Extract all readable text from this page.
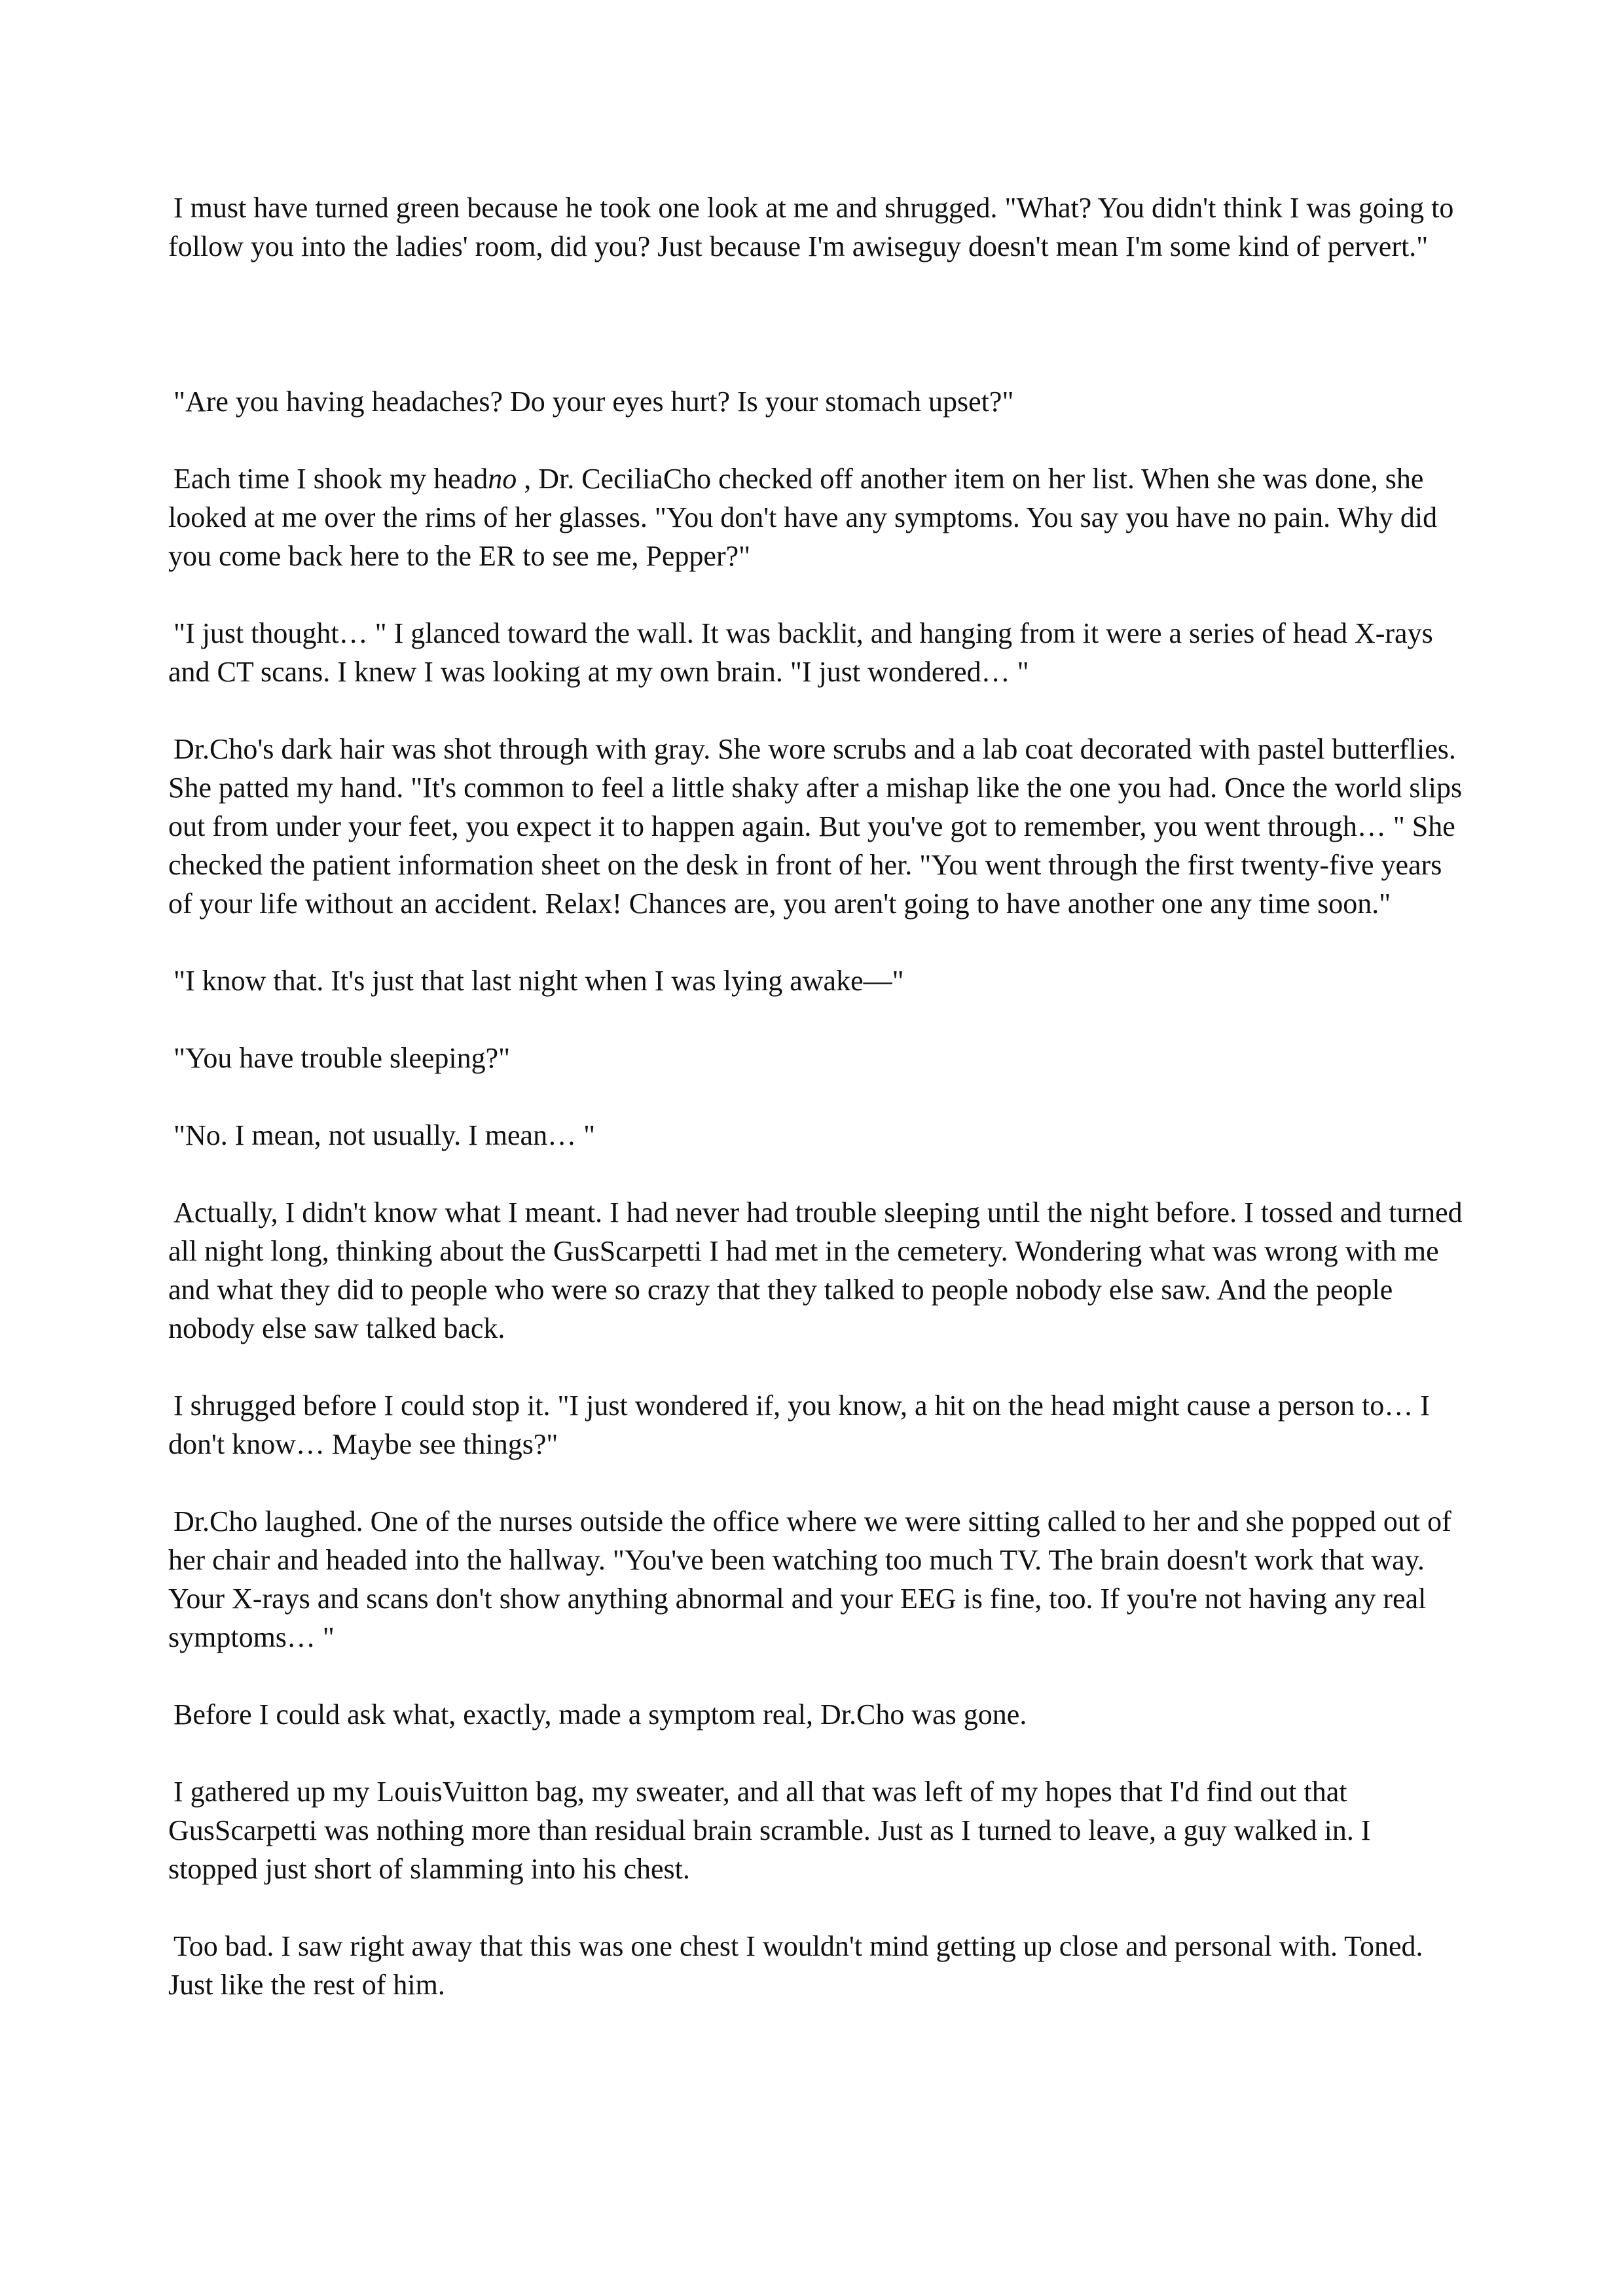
I must have turned green because he took one look at me and shrugged. "What? You didn't think I was going to follow you into the ladies' room, did you? Just because I'm awiseguy doesn't mean I'm some kind of pervert."

"Are you having headaches? Do your eyes hurt? Is your stomach upset?"

Each time I shook my headno , Dr. CeciliaCho checked off another item on her list. When she was done, she looked at me over the rims of her glasses. "You don't have any symptoms. You say you have no pain. Why did you come back here to the ER to see me, Pepper?"

"I just thought… " I glanced toward the wall. It was backlit, and hanging from it were a series of head X-rays and CT scans. I knew I was looking at my own brain. "I just wondered… "

Dr.Cho's dark hair was shot through with gray. She wore scrubs and a lab coat decorated with pastel butterflies. She patted my hand. "It's common to feel a little shaky after a mishap like the one you had. Once the world slips out from under your feet, you expect it to happen again. But you've got to remember, you went through… " She checked the patient information sheet on the desk in front of her. "You went through the first twenty-five years of your life without an accident. Relax! Chances are, you aren't going to have another one any time soon."

"I know that. It's just that last night when I was lying awake—"

"You have trouble sleeping?"

"No. I mean, not usually. I mean… "

Actually, I didn't know what I meant. I had never had trouble sleeping until the night before. I tossed and turned all night long, thinking about the GusScarpetti I had met in the cemetery. Wondering what was wrong with me and what they did to people who were so crazy that they talked to people nobody else saw. And the people nobody else saw talked back.

I shrugged before I could stop it. "I just wondered if, you know, a hit on the head might cause a person to… I don't know… Maybe see things?"

Dr.Cho laughed. One of the nurses outside the office where we were sitting called to her and she popped out of her chair and headed into the hallway. "You've been watching too much TV. The brain doesn't work that way. Your X-rays and scans don't show anything abnormal and your EEG is fine, too. If you're not having any real symptoms… "

Before I could ask what, exactly, made a symptom real, Dr.Cho was gone.

I gathered up my LouisVuitton bag, my sweater, and all that was left of my hopes that I'd find out that GusScarpetti was nothing more than residual brain scramble. Just as I turned to leave, a guy walked in. I stopped just short of slamming into his chest.

Too bad. I saw right away that this was one chest I wouldn't mind getting up close and personal with. Toned. Just like the rest of him.
